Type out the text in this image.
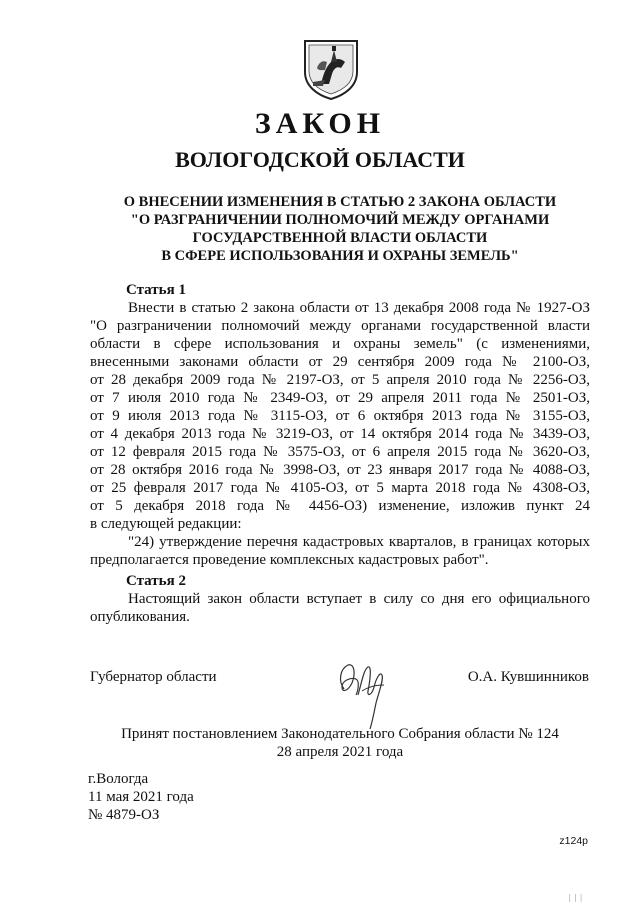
ЗАКОН
ВОЛОГОДСКОЙ ОБЛАСТИ
О ВНЕСЕНИИ ИЗМЕНЕНИЯ В СТАТЬЮ 2 ЗАКОНА ОБЛАСТИ
"О РАЗГРАНИЧЕНИИ ПОЛНОМОЧИЙ МЕЖДУ ОРГАНАМИ
ГОСУДАРСТВЕННОЙ ВЛАСТИ ОБЛАСТИ
В СФЕРЕ ИСПОЛЬЗОВАНИЯ И ОХРАНЫ ЗЕМЕЛЬ"
Статья 1
Внести в статью 2 закона области от 13 декабря 2008 года № 1927-ОЗ
"О разграничении полномочий между органами государственной власти
области в сфере использования и охраны земель" (с изменениями,
внесенными законами области от 29 сентября 2009 года № 2100-ОЗ,
от 28 декабря 2009 года № 2197-ОЗ, от 5 апреля 2010 года № 2256-ОЗ,
от 7 июля 2010 года № 2349-ОЗ, от 29 апреля 2011 года № 2501-ОЗ,
от 9 июля 2013 года № 3115-ОЗ, от 6 октября 2013 года № 3155-ОЗ,
от 4 декабря 2013 года № 3219-ОЗ, от 14 октября 2014 года № 3439-ОЗ,
от 12 февраля 2015 года № 3575-ОЗ, от 6 апреля 2015 года № 3620-ОЗ,
от 28 октября 2016 года № 3998-ОЗ, от 23 января 2017 года № 4088-ОЗ,
от 25 февраля 2017 года № 4105-ОЗ, от 5 марта 2018 года № 4308-ОЗ,
от 5 декабря 2018 года № 4456-ОЗ) изменение, изложив пункт 24
в следующей редакции:
"24) утверждение перечня кадастровых кварталов, в границах которых
предполагается проведение комплексных кадастровых работ".
Статья 2
Настоящий закон области вступает в силу со дня его официального
опубликования.
Губернатор области	О.А. Кувшинников
Принят постановлением Законодательного Собрания области № 124
28 апреля 2021 года
г.Вологда
11 мая 2021 года
№ 4879-ОЗ
z124p
| | |
